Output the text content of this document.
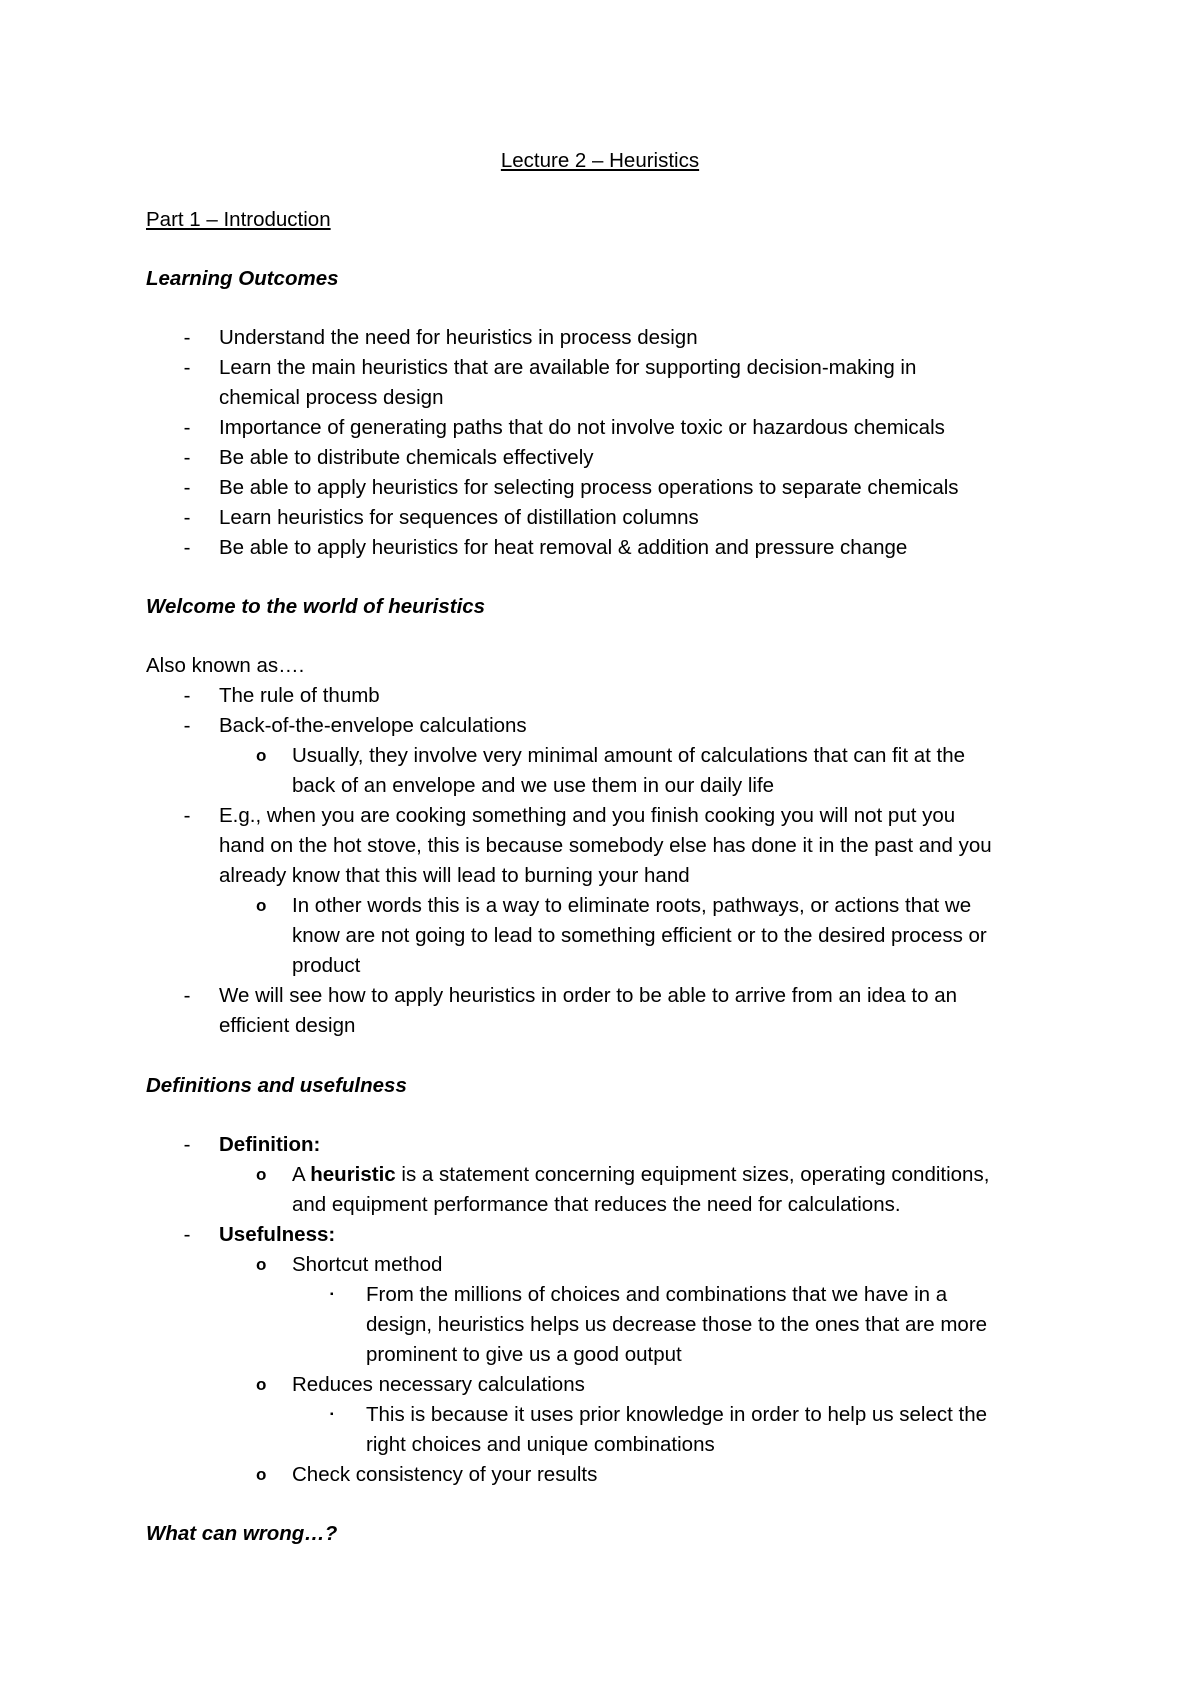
Lecture 2 – Heuristics
Part 1 – Introduction
Learning Outcomes
- Understand the need for heuristics in process design
- Learn the main heuristics that are available for supporting decision-making in
chemical process design
- Importance of generating paths that do not involve toxic or hazardous chemicals
- Be able to distribute chemicals effectively
- Be able to apply heuristics for selecting process operations to separate chemicals
- Learn heuristics for sequences of distillation columns
- Be able to apply heuristics for heat removal & addition and pressure change
Welcome to the world of heuristics
Also known as….
- The rule of thumb
- Back-of-the-envelope calculations
o Usually, they involve very minimal amount of calculations that can fit at the
back of an envelope and we use them in our daily life
- E.g., when you are cooking something and you finish cooking you will not put you
hand on the hot stove, this is because somebody else has done it in the past and you
already know that this will lead to burning your hand
o In other words this is a way to eliminate roots, pathways, or actions that we
know are not going to lead to something efficient or to the desired process or
product
- We will see how to apply heuristics in order to be able to arrive from an idea to an
efficient design
Definitions and usefulness
- Definition:
o A heuristic is a statement concerning equipment sizes, operating conditions,
and equipment performance that reduces the need for calculations.
- Usefulness:
o Shortcut method
▪ From the millions of choices and combinations that we have in a
design, heuristics helps us decrease those to the ones that are more
prominent to give us a good output
o Reduces necessary calculations
▪ This is because it uses prior knowledge in order to help us select the
right choices and unique combinations
o Check consistency of your results
What can wrong…?
